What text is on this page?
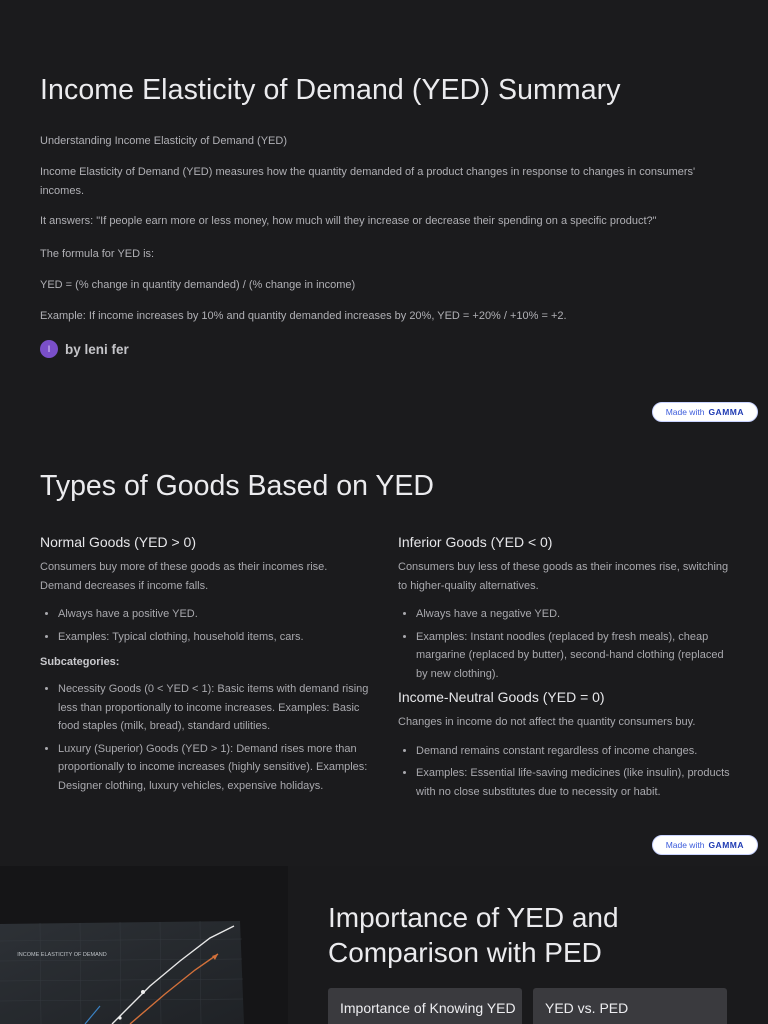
Income Elasticity of Demand (YED) Summary

Understanding Income Elasticity of Demand (YED)

Income Elasticity of Demand (YED) measures how the quantity demanded of a product changes in response to changes in consumers' incomes.

It answers: "If people earn more or less money, how much will they increase or decrease their spending on a specific product?"

The formula for YED is:

YED = (% change in quantity demanded) / (% change in income)

Example: If income increases by 10% and quantity demanded increases by 20%, YED = +20% / +10% = +2.

l	by leni fer
Made with GAMMA
Types of Goods Based on YED
Normal Goods (YED > 0)

Consumers buy more of these goods as their incomes rise. Demand decreases if income falls.

• Always have a positive YED.
• Examples: Typical clothing, household items, cars.

Subcategories:

• Necessity Goods (0 < YED < 1): Basic items with demand rising less than proportionally to income increases. Examples: Basic food staples (milk, bread), standard utilities.
• Luxury (Superior) Goods (YED > 1): Demand rises more than proportionally to income increases (highly sensitive). Examples: Designer clothing, luxury vehicles, expensive holidays.
Inferior Goods (YED < 0)

Consumers buy less of these goods as their incomes rise, switching to higher-quality alternatives.

• Always have a negative YED.
• Examples: Instant noodles (replaced by fresh meals), cheap margarine (replaced by butter), second-hand clothing (replaced by new clothing).
Income-Neutral Goods (YED = 0)

Changes in income do not affect the quantity consumers buy.

• Demand remains constant regardless of income changes.
• Examples: Essential life-saving medicines (like insulin), products with no close substitutes due to necessity or habit.
Made with GAMMA
INCOME ELASTICITY OF DEMAND
Importance of YED and Comparison with PED
Importance of Knowing YED YED vs. PED
